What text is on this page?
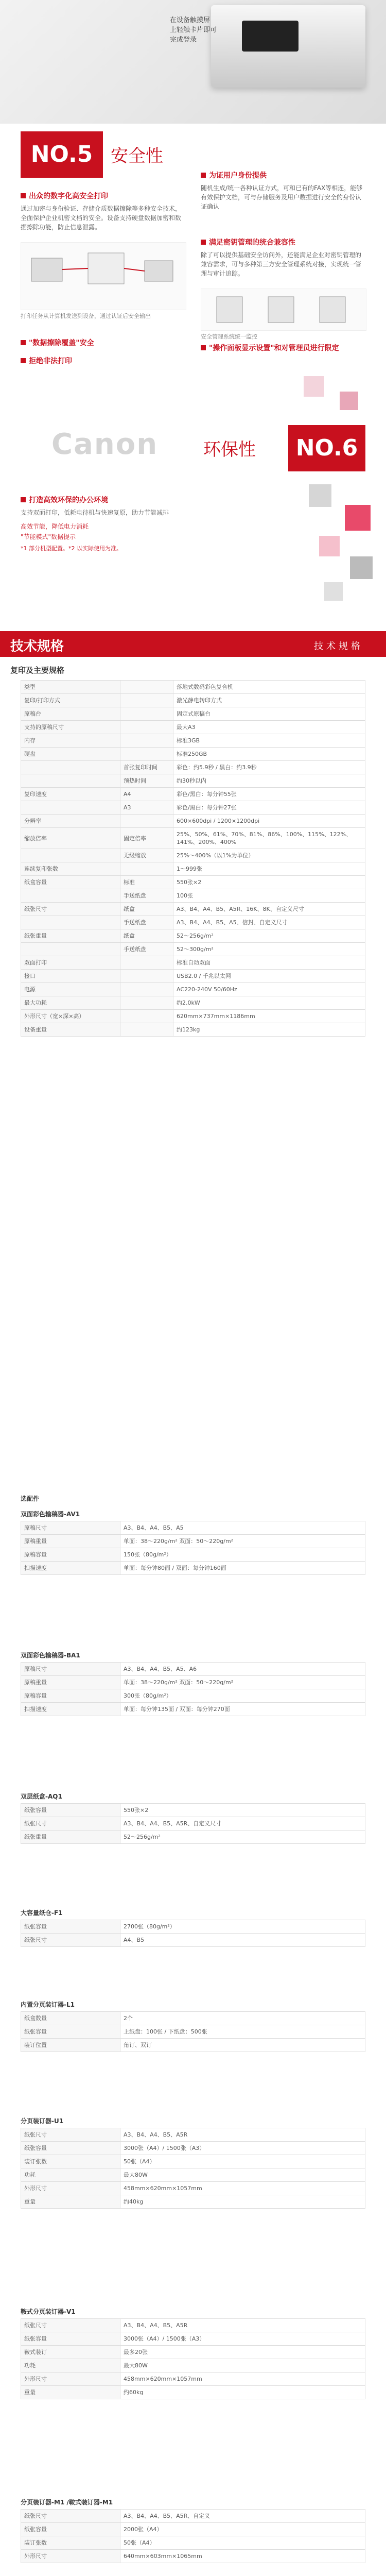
在设备触摸屏
上轻触卡片即可
完成登录
NO.5	安全性
出众的数字化高安全打印
通过加密与身份验证、存储介质数据擦除等多种安全技术，全面保护企业机密文档的安全。设备支持硬盘数据加密和数据擦除功能，防止信息泄露。
为证用户身份提供
随机生成/统一各种认证方式，可和已有的FAX等相连，能够有效保护文档，可与存储服务及用户数据进行安全的身份认证确认
打印任务从计算机发送到设备，通过认证后安全输出
满足密钥管理的统合兼容性
除了可以提供基础安全访问外，还能满足企业对密钥管理的兼容需求，可与多种第三方安全管理系统对接，实现统一管理与审计追踪。
安全管理系统统一监控
"数据擦除覆盖"安全
"操作面板显示设置"和对管理员进行限定
拒绝非法打印
Canon	环保性	NO.6
打造高效环保的办公环境
支持双面打印，低耗电待机与快速复原，助力节能减排
高效节能，降低电力消耗
"节能模式"数据提示
*1 部分机型配置。*2 以实际使用为准。
技术规格	技术规格
复印及主要规格
类型		落地式数码彩色复合机
复印/打印方式		激光静电转印方式
原稿台		固定式原稿台
支持的原稿尺寸		最大A3
内存		标准3GB
硬盘		标准250GB
	首张复印时间	彩色：约5.9秒 / 黑白：约3.9秒
	预热时间	约30秒以内
复印速度	A4	彩色/黑白：每分钟55张
	A3	彩色/黑白：每分钟27张
分辨率		600×600dpi / 1200×1200dpi
缩放倍率	固定倍率	25%、50%、61%、70%、81%、86%、100%、115%、122%、141%、200%、400%
	无级缩放	25%～400%（以1%为单位）
连续复印张数		1～999张
纸盒容量	标准	550张×2
	手送纸盘	100张
纸张尺寸	纸盒	A3、B4、A4、B5、A5R、16K、8K、自定义尺寸
	手送纸盘	A3、B4、A4、B5、A5、信封、自定义尺寸
纸张重量	纸盒	52～256g/m²
	手送纸盘	52～300g/m²
双面打印		标准自动双面
接口		USB2.0 / 千兆以太网
电源		AC220-240V 50/60Hz
最大功耗		约2.0kW
外形尺寸（宽×深×高）		620mm×737mm×1186mm
设备重量		约123kg
选配件
双面彩色输稿器-AV1
原稿尺寸	A3、B4、A4、B5、A5
原稿重量	单面：38～220g/m² 双面：50～220g/m²
原稿容量	150张（80g/m²）
扫描速度	单面：每分钟80面 / 双面：每分钟160面
双面彩色输稿器-BA1
原稿尺寸	A3、B4、A4、B5、A5、A6
原稿重量	单面：38～220g/m² 双面：50～220g/m²
原稿容量	300张（80g/m²）
扫描速度	单面：每分钟135面 / 双面：每分钟270面
双层纸盒-AQ1
纸张容量	550张×2
纸张尺寸	A3、B4、A4、B5、A5R、自定义尺寸
纸张重量	52～256g/m²
大容量纸仓-F1
纸张容量	2700张（80g/m²）
纸张尺寸	A4、B5
内置分页装订器-L1
纸盒数量	2个
纸张容量	上纸盘：100张 / 下纸盘：500张
装订位置	角订、双订
分页装订器-U1
纸张尺寸	A3、B4、A4、B5、A5R
纸张容量	3000张（A4）/ 1500张（A3）
装订张数	50张（A4）
功耗	最大80W
外形尺寸	458mm×620mm×1057mm
重量	约40kg
鞍式分页装订器-V1
纸张尺寸	A3、B4、A4、B5、A5R
纸张容量	3000张（A4）/ 1500张（A3）
鞍式装订	最多20张
功耗	最大80W
外形尺寸	458mm×620mm×1057mm
重量	约60kg
分页装订器-M1 /鞍式装订器-M1
纸张尺寸	A3、B4、A4、B5、A5R、自定义
纸张容量	2000张（A4）
装订张数	50张（A4）
外形尺寸	640mm×603mm×1065mm
